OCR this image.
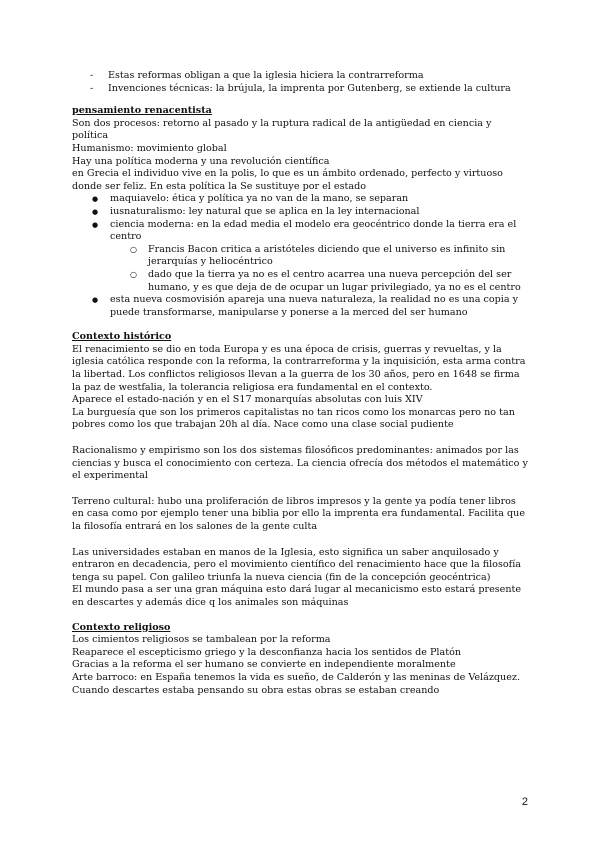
- Estas reformas obligan a que la iglesia hiciera la contrarreforma
- Invenciones técnicas: la brújula, la imprenta por Gutenberg, se extiende la cultura
pensamiento renacentista

Son dos procesos: retorno al pasado y la ruptura radical de la antigüedad en ciencia y política

Humanismo: movimiento global

Hay una política moderna y una revolución científica

en Grecia el individuo vive en la polis, lo que es un ámbito ordenado, perfecto y virtuoso donde ser feliz. En esta política la Se sustituye por el estado

● maquiavelo: ética y política ya no van de la mano, se separan
● iusnaturalismo: ley natural que se aplica en la ley internacional
● ciencia moderna: en la edad media el modelo era geocéntrico donde la tierra era el centro
○ Francis Bacon critica a aristóteles diciendo que el universo es infinito sin jerarquías y heliocéntrico
○ dado que la tierra ya no es el centro acarrea una nueva percepción del ser humano, y es que deja de de ocupar un lugar privilegiado, ya no es el centro
● esta nueva cosmovisión apareja una nueva naturaleza, la realidad no es una copia y puede transformarse, manipularse y ponerse a la merced del ser humano
Contexto histórico

El renacimiento se dio en toda Europa y es una época de crisis, guerras y revueltas, y la iglesia católica responde con la reforma, la contrarreforma y la inquisición, esta arma contra la libertad. Los conflictos religiosos llevan a la guerra de los 30 años, pero en 1648 se firma la paz de westfalia, la tolerancia religiosa era fundamental en el contexto.

Aparece el estado-nación y en el S17 monarquías absolutas con luis XIV

La burguesía que son los primeros capitalistas no tan ricos como los monarcas pero no tan pobres como los que trabajan 20h al día. Nace como una clase social pudiente

Racionalismo y empirismo son los dos sistemas filosóficos predominantes: animados por las ciencias y busca el conocimiento con certeza. La ciencia ofrecía dos métodos el matemático y el experimental

Terreno cultural: hubo una proliferación de libros impresos y la gente ya podía tener libros en casa como por ejemplo tener una biblia por ello la imprenta era fundamental. Facilita que la filosofía entrará en los salones de la gente culta

Las universidades estaban en manos de la Iglesia, esto significa un saber anquilosado y entraron en decadencia, pero el movimiento científico del renacimiento hace que la filosofía tenga su papel. Con galileo triunfa la nueva ciencia (fin de la concepción geocéntrica)

El mundo pasa a ser una gran máquina esto dará lugar al mecanicismo esto estará presente en descartes y además dice q los animales son máquinas

Contexto religioso

Los cimientos religiosos se tambalean por la reforma

Reaparece el escepticismo griego y la desconfianza hacia los sentidos de Platón

Gracias a la reforma el ser humano se convierte en independiente moralmente

Arte barroco: en España tenemos la vida es sueño, de Calderón y las meninas de Velázquez. Cuando descartes estaba pensando su obra estas obras se estaban creando

2
